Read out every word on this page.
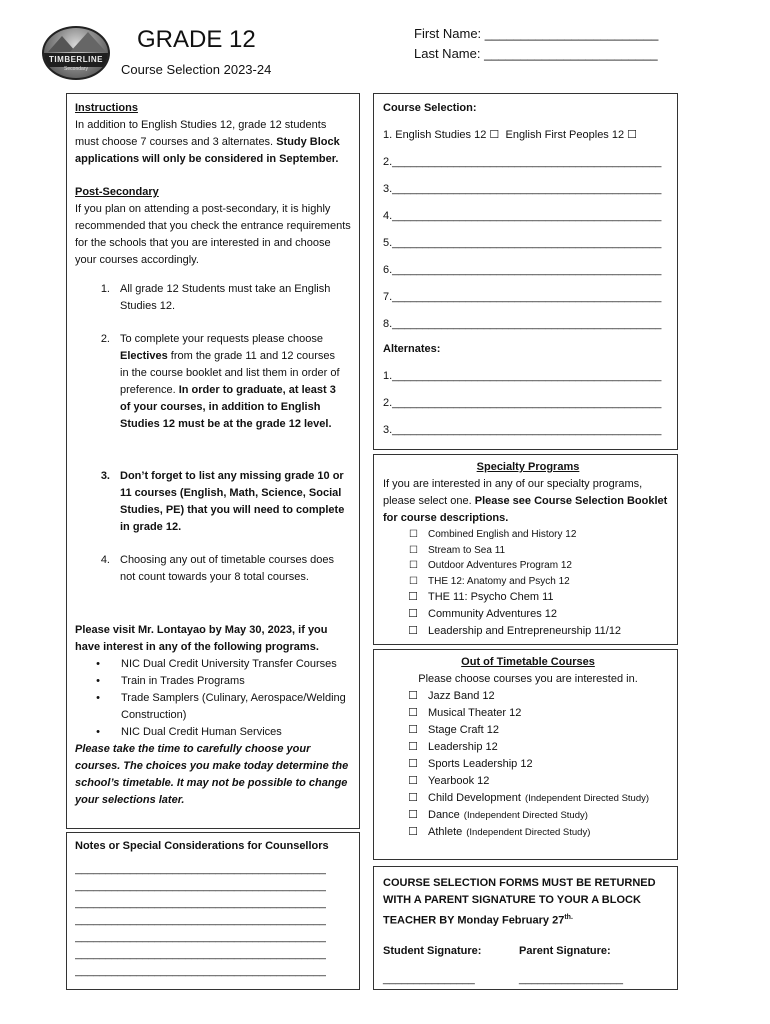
TIMBERLINE
Secondary
GRADE 12
Course Selection 2023-24
First Name: ________________________
Last Name: ________________________
Instructions
In addition to English Studies 12, grade 12 students must choose 7 courses and 3 alternates. Study Block applications will only be considered in September.
Post-Secondary
If you plan on attending a post-secondary, it is highly recommended that you check the entrance requirements for the schools that you are interested in and choose your courses accordingly.
1. All grade 12 Students must take an English Studies 12.
2. To complete your requests please choose Electives from the grade 11 and 12 courses in the course booklet and list them in order of preference. In order to graduate, at least 3 of your courses, in addition to English Studies 12 must be at the grade 12 level.
3. Don’t forget to list any missing grade 10 or 11 courses (English, Math, Science, Social Studies, PE) that you will need to complete in grade 12.
4. Choosing any out of timetable courses does not count towards your 8 total courses.
Please visit Mr. Lontayao by May 30, 2023, if you have interest in any of the following programs.
•	NIC Dual Credit University Transfer Courses
•	Train in Trades Programs
•	Trade Samplers (Culinary, Aerospace/Welding Construction)
•	NIC Dual Credit Human Services
Please take the time to carefully choose your courses. The choices you make today determine the school’s timetable. It may not be possible to change your selections later.
Notes or Special Considerations for Counsellors
_________________________________________
_________________________________________
_________________________________________
_________________________________________
_________________________________________
_________________________________________
_________________________________________
Course Selection:
1. English Studies 12 ☐ English First Peoples 12 ☐
2.____________________________________________
3.____________________________________________
4.____________________________________________
5.____________________________________________
6.____________________________________________
7.____________________________________________
8.____________________________________________
Alternates:
1.____________________________________________
2.____________________________________________
3.____________________________________________
Specialty Programs
If you are interested in any of our specialty programs, please select one. Please see Course Selection Booklet for course descriptions.
☐	Combined English and History 12
☐	Stream to Sea 11
☐	Outdoor Adventures Program 12
☐	THE 12: Anatomy and Psych 12
☐ THE 11: Psycho Chem 11
☐ Community Adventures 12
☐ Leadership and Entrepreneurship 11/12
Out of Timetable Courses
Please choose courses you are interested in.
☐ Jazz Band 12
☐ Musical Theater 12
☐ Stage Craft 12
☐ Leadership 12
☐ Sports Leadership 12
☐ Yearbook 12
☐ Child Development (Independent Directed Study)
☐ Dance (Independent Directed Study)
☐ Athlete (Independent Directed Study)
COURSE SELECTION FORMS MUST BE RETURNED WITH A PARENT SIGNATURE TO YOUR A BLOCK TEACHER BY Monday February $27^{th.}$
Student Signature:	Parent Signature:
_______________	_________________
